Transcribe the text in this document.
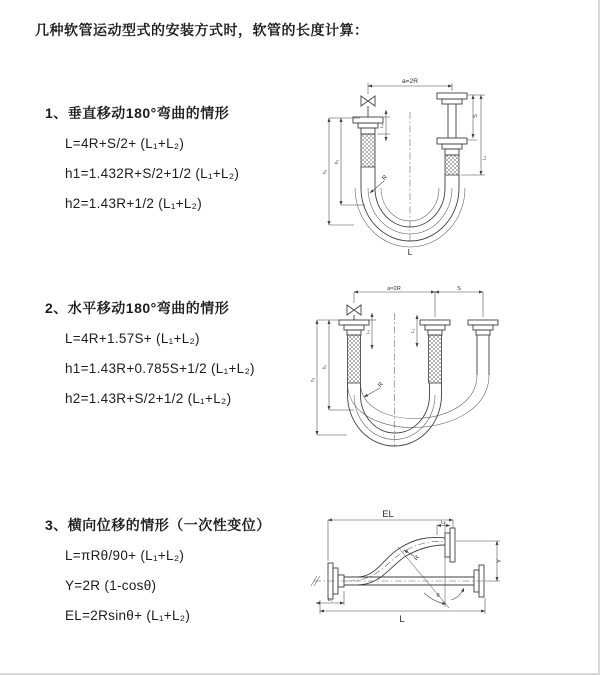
几种软管运动型式的安装方式时，软管的长度计算：

1、垂直移动180°弯曲的情形

L=4R+S/2+ (L₁+L₂)

h1=1.432R+S/2+1/2 (L₁+L₂)

h2=1.43R+1/2 (L₁+L₂)

2、水平移动180°弯曲的情形

L=4R+1.57S+ (L₁+L₂)

h1=1.43R+0.785S+1/2 (L₁+L₂)

h2=1.43R+S/2+1/2 (L₁+L₂)

3、横向位移的情形（一次性变位）

L=πRθ/90+ (L₁+L₂)

Y=2R (1-cosθ)

EL=2Rsinθ+ (L₁+L₂)

a=2R
L₁
h₁
h₂
S
L₂
R
L
a=2R	S
L₁	L₂
h₁
h₂
R
EL
L₂
Y
L
L₁
R
θ
